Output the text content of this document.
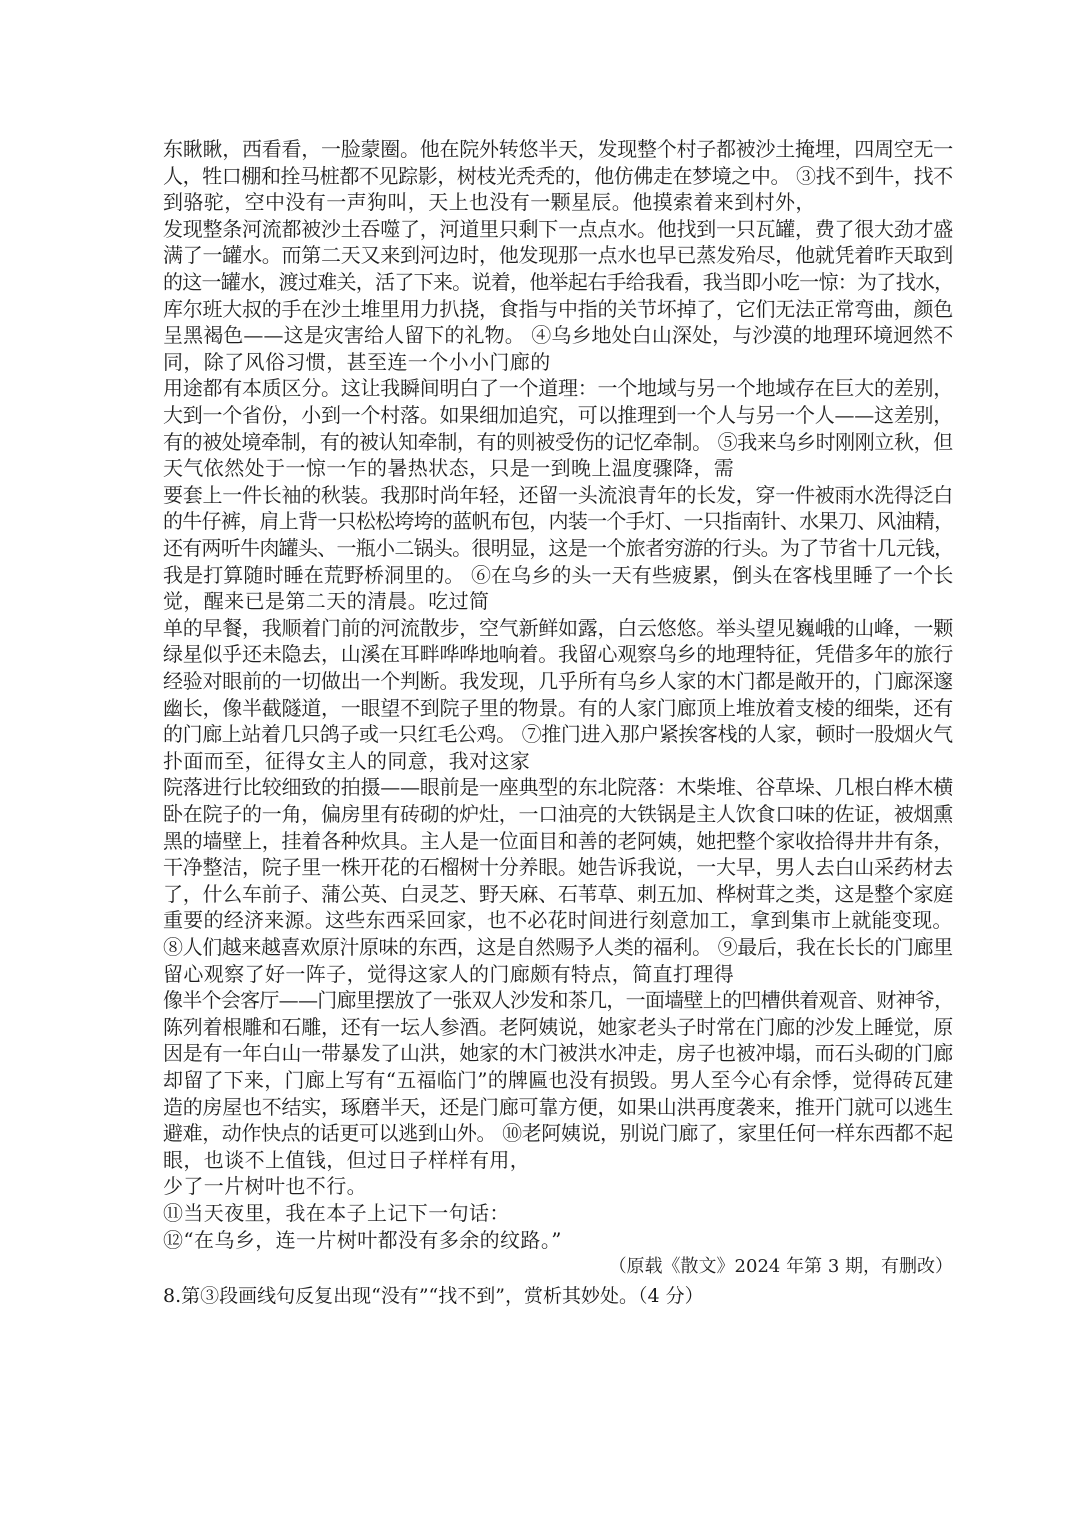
东瞅瞅，西看看，一脸蒙圈。他在院外转悠半天，发现整个村子都被沙土掩埋，四周空无一
人，牲口棚和拴马桩都不见踪影，树枝光秃秃的，他仿佛走在梦境之中。 ③找不到牛，找不
到骆驼，空中没有一声狗叫，天上也没有一颗星辰。他摸索着来到村外，
发现整条河流都被沙土吞噬了，河道里只剩下一点点水。他找到一只瓦罐，费了很大劲才盛
满了一罐水。而第二天又来到河边时，他发现那一点水也早已蒸发殆尽，他就凭着昨天取到
的这一罐水，渡过难关，活了下来。说着，他举起右手给我看，我当即小吃一惊：为了找水，
库尔班大叔的手在沙土堆里用力扒挠，食指与中指的关节坏掉了，它们无法正常弯曲，颜色
呈黑褐色——这是灾害给人留下的礼物。 ④乌乡地处白山深处，与沙漠的地理环境迥然不
同，除了风俗习惯，甚至连一个小小门廊的
用途都有本质区分。这让我瞬间明白了一个道理：一个地域与另一个地域存在巨大的差别，
大到一个省份，小到一个村落。如果细加追究，可以推理到一个人与另一个人——这差别，
有的被处境牵制，有的被认知牵制，有的则被受伤的记忆牵制。 ⑤我来乌乡时刚刚立秋，但
天气依然处于一惊一乍的暑热状态，只是一到晚上温度骤降，需
要套上一件长袖的秋装。我那时尚年轻，还留一头流浪青年的长发，穿一件被雨水洗得泛白
的牛仔裤，肩上背一只松松垮垮的蓝帆布包，内装一个手灯、一只指南针、水果刀、风油精，
还有两听牛肉罐头、一瓶小二锅头。很明显，这是一个旅者穷游的行头。为了节省十几元钱，
我是打算随时睡在荒野桥洞里的。 ⑥在乌乡的头一天有些疲累，倒头在客栈里睡了一个长
觉，醒来已是第二天的清晨。吃过简
单的早餐，我顺着门前的河流散步，空气新鲜如露，白云悠悠。举头望见巍峨的山峰，一颗
绿星似乎还未隐去，山溪在耳畔哗哗地响着。我留心观察乌乡的地理特征，凭借多年的旅行
经验对眼前的一切做出一个判断。我发现，几乎所有乌乡人家的木门都是敞开的，门廊深邃
幽长，像半截隧道，一眼望不到院子里的物景。有的人家门廊顶上堆放着支棱的细柴，还有
的门廊上站着几只鸽子或一只红毛公鸡。 ⑦推门进入那户紧挨客栈的人家，顿时一股烟火气
扑面而至，征得女主人的同意，我对这家
院落进行比较细致的拍摄——眼前是一座典型的东北院落：木柴堆、谷草垛、几根白桦木横
卧在院子的一角，偏房里有砖砌的炉灶，一口油亮的大铁锅是主人饮食口味的佐证，被烟熏
黑的墙壁上，挂着各种炊具。主人是一位面目和善的老阿姨，她把整个家收拾得井井有条，
干净整洁，院子里一株开花的石榴树十分养眼。她告诉我说，一大早，男人去白山采药材去
了，什么车前子、蒲公英、白灵芝、野天麻、石苇草、刺五加、桦树茸之类，这是整个家庭
重要的经济来源。这些东西采回家，也不必花时间进行刻意加工，拿到集市上就能变现。
⑧人们越来越喜欢原汁原味的东西，这是自然赐予人类的福利。 ⑨最后，我在长长的门廊里
留心观察了好一阵子，觉得这家人的门廊颇有特点，简直打理得
像半个会客厅——门廊里摆放了一张双人沙发和茶几，一面墙壁上的凹槽供着观音、财神爷，
陈列着根雕和石雕，还有一坛人参酒。老阿姨说，她家老头子时常在门廊的沙发上睡觉，原
因是有一年白山一带暴发了山洪，她家的木门被洪水冲走，房子也被冲塌，而石头砌的门廊
却留了下来，门廊上写有“五福临门”的牌匾也没有损毁。男人至今心有余悸，觉得砖瓦建
造的房屋也不结实，琢磨半天，还是门廊可靠方便，如果山洪再度袭来，推开门就可以逃生
避难，动作快点的话更可以逃到山外。 ⑩老阿姨说，别说门廊了，家里任何一样东西都不起
眼，也谈不上值钱，但过日子样样有用，
少了一片树叶也不行。
⑪当天夜里，我在本子上记下一句话：
⑫“在乌乡，连一片树叶都没有多余的纹路。”
（原载《散文》2024 年第 3 期，有删改）
8.第③段画线句反复出现“没有”“找不到”，赏析其妙处。（4 分）
